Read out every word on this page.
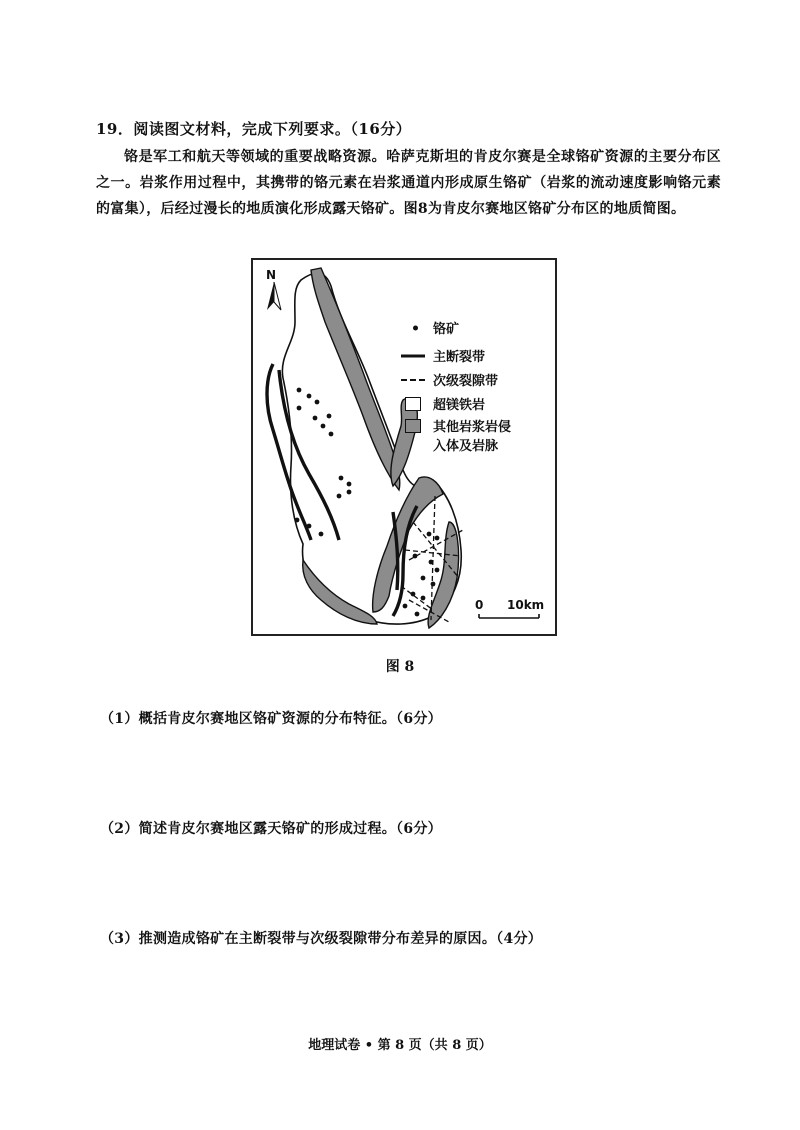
19．阅读图文材料，完成下列要求。（16分）
铬是军工和航天等领域的重要战略资源。哈萨克斯坦的肯皮尔赛是全球铬矿资源的主要分布区之一。岩浆作用过程中，其携带的铬元素在岩浆通道内形成原生铬矿（岩浆的流动速度影响铬元素的富集），后经过漫长的地质演化形成露天铬矿。图8为肯皮尔赛地区铬矿分布区的地质简图。
N
铬矿
主断裂带
次级裂隙带
超镁铁岩
其他岩浆岩侵
入体及岩脉
0 10km
图 8
（1）概括肯皮尔赛地区铬矿资源的分布特征。（6分）
（2）简述肯皮尔赛地区露天铬矿的形成过程。（6分）
（3）推测造成铬矿在主断裂带与次级裂隙带分布差异的原因。（4分）
地理试卷 • 第 8 页（共 8 页）
